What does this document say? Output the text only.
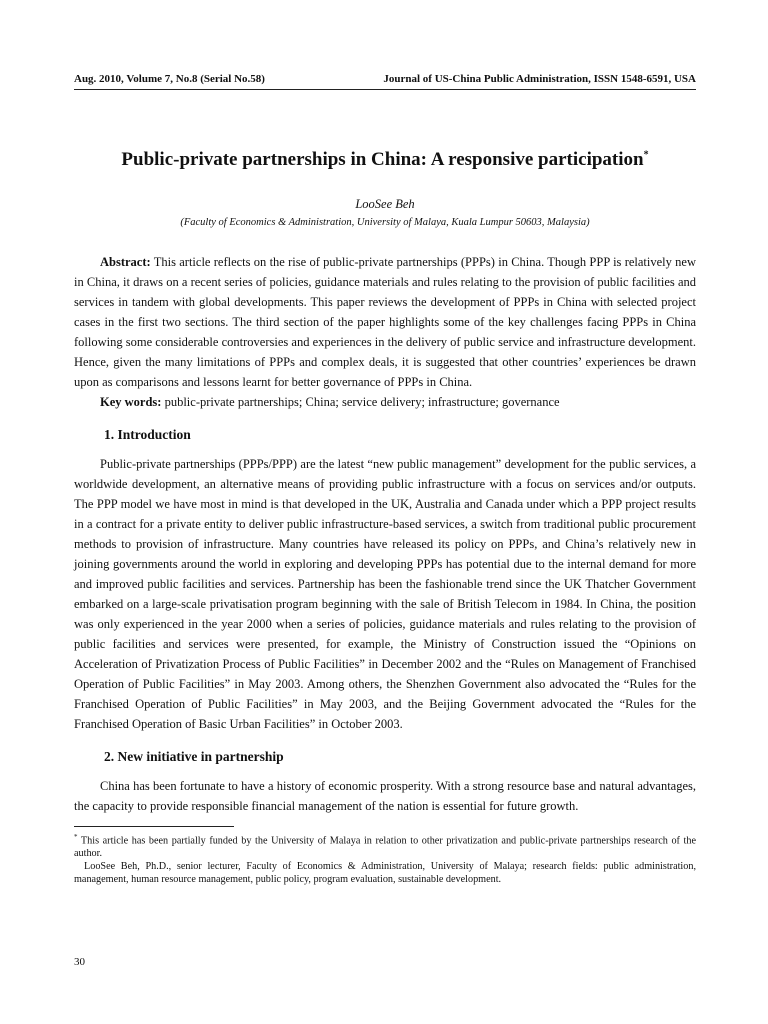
Aug. 2010, Volume 7, No.8 (Serial No.58)	Journal of US-China Public Administration, ISSN 1548-6591, USA
Public-private partnerships in China: A responsive participation*
LooSee Beh
(Faculty of Economics & Administration, University of Malaya, Kuala Lumpur 50603, Malaysia)

Abstract: This article reflects on the rise of public-private partnerships (PPPs) in China. Though PPP is relatively new in China, it draws on a recent series of policies, guidance materials and rules relating to the provision of public facilities and services in tandem with global developments. This paper reviews the development of PPPs in China with selected project cases in the first two sections. The third section of the paper highlights some of the key challenges facing PPPs in China following some considerable controversies and experiences in the delivery of public service and infrastructure development. Hence, given the many limitations of PPPs and complex deals, it is suggested that other countries’ experiences be drawn upon as comparisons and lessons learnt for better governance of PPPs in China.

Key words: public-private partnerships; China; service delivery; infrastructure; governance

1. Introduction

Public-private partnerships (PPPs/PPP) are the latest “new public management” development for the public services, a worldwide development, an alternative means of providing public infrastructure with a focus on services and/or outputs. The PPP model we have most in mind is that developed in the UK, Australia and Canada under which a PPP project results in a contract for a private entity to deliver public infrastructure-based services, a switch from traditional public procurement methods to provision of infrastructure. Many countries have released its policy on PPPs, and China’s relatively new in joining governments around the world in exploring and developing PPPs has potential due to the internal demand for more and improved public facilities and services. Partnership has been the fashionable trend since the UK Thatcher Government embarked on a large-scale privatisation program beginning with the sale of British Telecom in 1984. In China, the position was only experienced in the year 2000 when a series of policies, guidance materials and rules relating to the provision of public facilities and services were presented, for example, the Ministry of Construction issued the “Opinions on Acceleration of Privatization Process of Public Facilities” in December 2002 and the “Rules on Management of Franchised Operation of Public Facilities” in May 2003. Among others, the Shenzhen Government also advocated the “Rules for the Franchised Operation of Public Facilities” in May 2003, and the Beijing Government advocated the “Rules for the Franchised Operation of Basic Urban Facilities” in October 2003.

2. New initiative in partnership

China has been fortunate to have a history of economic prosperity. With a strong resource base and natural advantages, the capacity to provide responsible financial management of the nation is essential for future growth.

* This article has been partially funded by the University of Malaya in relation to other privatization and public-private partnerships research of the author.

LooSee Beh, Ph.D., senior lecturer, Faculty of Economics & Administration, University of Malaya; research fields: public administration, management, human resource management, public policy, program evaluation, sustainable development.

30
